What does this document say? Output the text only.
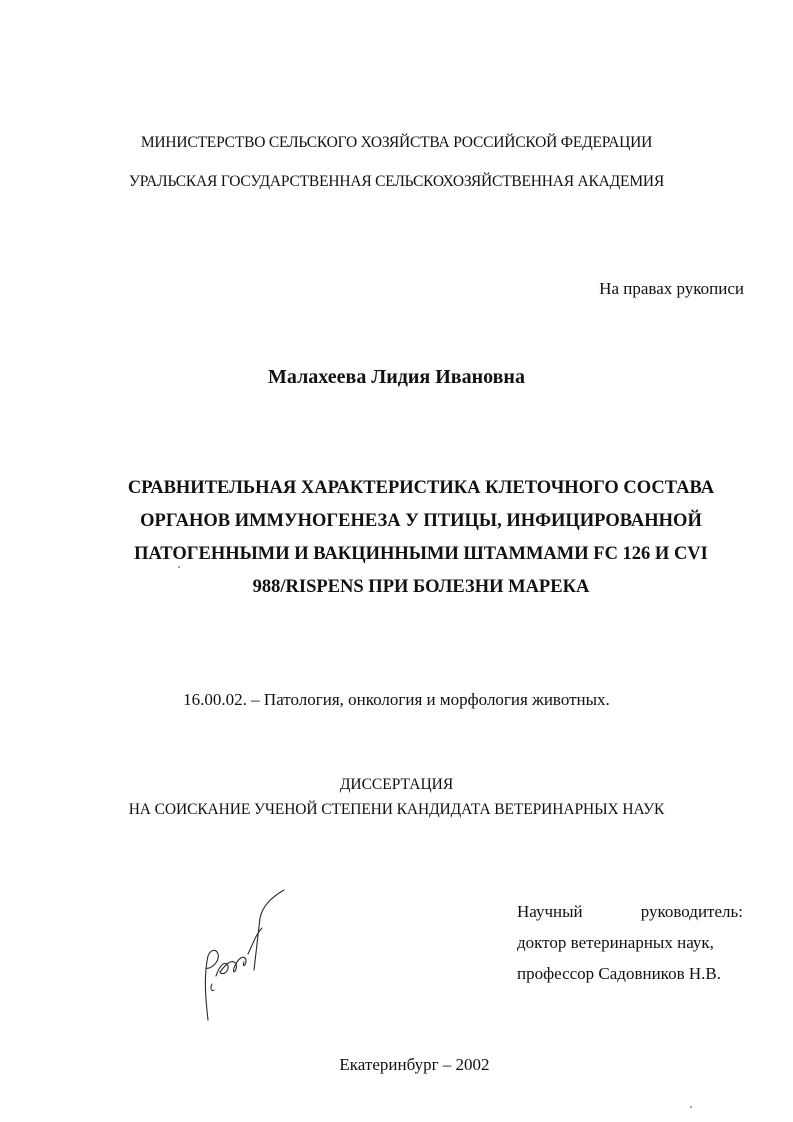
МИНИСТЕРСТВО СЕЛЬСКОГО ХОЗЯЙСТВА РОССИЙСКОЙ ФЕДЕРАЦИИ
УРАЛЬСКАЯ ГОСУДАРСТВЕННАЯ СЕЛЬСКОХОЗЯЙСТВЕННАЯ АКАДЕМИЯ
На правах рукописи
Малахеева Лидия Ивановна
СРАВНИТЕЛЬНАЯ ХАРАКТЕРИСТИКА КЛЕТОЧНОГО СОСТАВА
ОРГАНОВ ИММУНОГЕНЕЗА У ПТИЦЫ, ИНФИЦИРОВАННОЙ
ПАТОГЕННЫМИ И ВАКЦИННЫМИ ШТАММАМИ FC 126 И CVI
988/RISPENS ПРИ БОЛЕЗНИ МАРЕКА
16.00.02. – Патология, онкология и морфология животных.
ДИССЕРТАЦИЯ
НА СОИСКАНИЕ УЧЕНОЙ СТЕПЕНИ КАНДИДАТА ВЕТЕРИНАРНЫХ НАУК
Научный	руководитель:
доктор ветеринарных наук,
профессор Садовников Н.В.
Екатеринбург – 2002
